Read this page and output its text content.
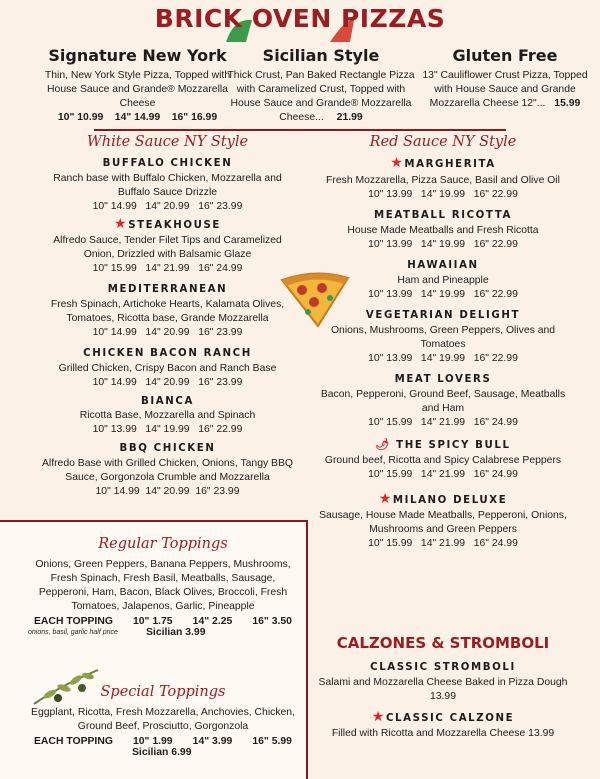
BRICK OVEN PIZZAS
Signature New York
Thin, New York Style Pizza, Topped with House Sauce and Grande® Mozzarella Cheese
10" 10.99    14" 14.99    16" 16.99
Sicilian Style
Thick Crust, Pan Baked Rectangle Pizza with Caramelized Crust, Topped with House Sauce and Grande® Mozzarella Cheese... 21.99
Gluten Free
13" Cauliflower Crust Pizza, Topped with House Sauce and Grande Mozzarella Cheese 12"... 15.99
White Sauce NY Style
BUFFALO CHICKEN
Ranch base with Buffalo Chicken, Mozzarella and Buffalo Sauce Drizzle
10" 14.99   14" 20.99   16" 23.99
★STEAKHOUSE
Alfredo Sauce, Tender Filet Tips and Caramelized Onion, Drizzled with Balsamic Glaze
10" 15.99   14" 21.99   16" 24.99
MEDITERRANEAN
Fresh Spinach, Artichoke Hearts, Kalamata Olives, Tomatoes, Ricotta base, Grande Mozzarella
10" 14.99   14" 20.99   16" 23.99
CHICKEN BACON RANCH
Grilled Chicken, Crispy Bacon and Ranch Base
10" 14.99   14" 20.99   16" 23.99
BIANCA
Ricotta Base, Mozzarella and Spinach
10" 13.99   14" 19.99   16" 22.99
BBQ CHICKEN
Alfredo Base with Grilled Chicken, Onions, Tangy BBQ Sauce, Gorgonzola Crumble and Mozzarella
10" 14.99  14" 20.99  16" 23.99
Red Sauce NY Style
★MARGHERITA
Fresh Mozzarella, Pizza Sauce, Basil and Olive Oil
10" 13.99   14" 19.99   16" 22.99
MEATBALL RICOTTA
House Made Meatballs and Fresh Ricotta
10" 13.99   14" 19.99   16" 22.99
HAWAIIAN
Ham and Pineapple
10" 13.99   14" 19.99   16" 22.99
VEGETARIAN DELIGHT
Onions, Mushrooms, Green Peppers, Olives and Tomatoes
10" 13.99   14" 19.99   16" 22.99
MEAT LOVERS
Bacon, Pepperoni, Ground Beef, Sausage, Meatballs and Ham
10" 15.99   14" 21.99   16" 24.99
🌶 THE SPICY BULL
Ground beef, Ricotta and Spicy Calabrese Peppers
10" 15.99   14" 21.99   16" 24.99
★MILANO DELUXE
Sausage, House Made Meatballs, Pepperoni, Onions, Mushrooms and Green Peppers
10" 15.99   14" 21.99   16" 24.99
Regular Toppings
Onions, Green Peppers, Banana Peppers, Mushrooms, Fresh Spinach, Fresh Basil, Meatballs, Sausage, Pepperoni, Ham, Bacon, Black Olives, Broccoli, Fresh Tomatoes, Jalapenos, Garlic, Pineapple
EACH TOPPING 10" 1.75 14" 2.25 16" 3.50
onions, basil, garlic half price	Sicilian 3.99
Special Toppings
Eggplant, Ricotta, Fresh Mozzarella, Anchovies, Chicken, Ground Beef, Prosciutto, Gorgonzola
EACH TOPPING 10" 1.99 14" 3.99 16" 5.99
Sicilian 6.99
CALZONES & STROMBOLI
CLASSIC STROMBOLI
Salami and Mozzarella Cheese Baked in Pizza Dough 13.99
★CLASSIC CALZONE
Filled with Ricotta and Mozzarella Cheese 13.99
